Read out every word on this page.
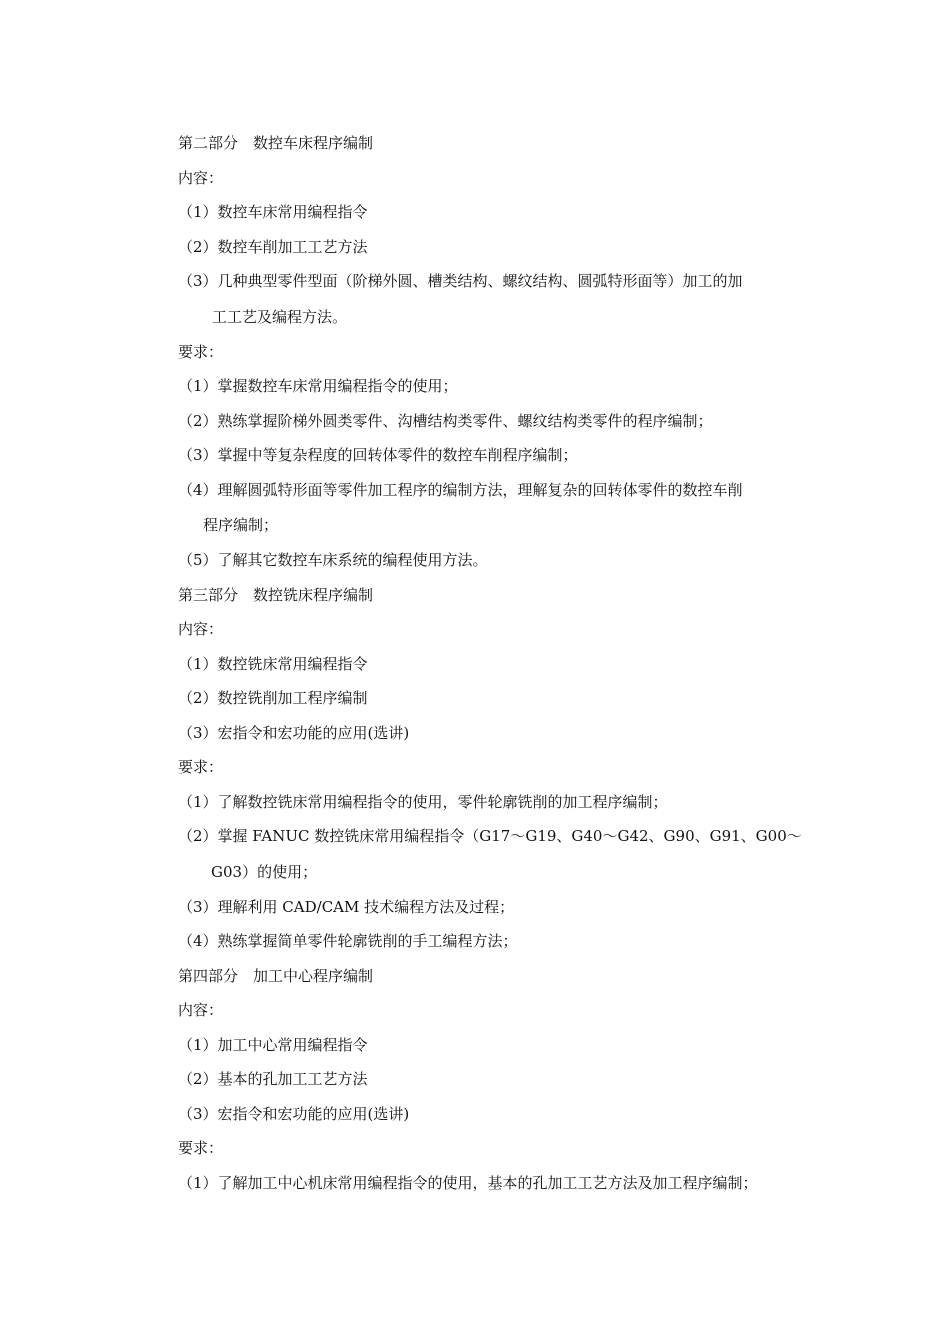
第二部分　数控车床程序编制
内容：
（1）数控车床常用编程指令
（2）数控车削加工工艺方法
（3）几种典型零件型面（阶梯外圆、槽类结构、螺纹结构、圆弧特形面等）加工的加
工工艺及编程方法。
要求：
（1）掌握数控车床常用编程指令的使用；
（2）熟练掌握阶梯外圆类零件、沟槽结构类零件、螺纹结构类零件的程序编制；
（3）掌握中等复杂程度的回转体零件的数控车削程序编制；
（4）理解圆弧特形面等零件加工程序的编制方法，理解复杂的回转体零件的数控车削
程序编制；
（5）了解其它数控车床系统的编程使用方法。
第三部分　数控铣床程序编制
内容：
（1）数控铣床常用编程指令
（2）数控铣削加工程序编制
（3）宏指令和宏功能的应用(选讲)
要求：
（1）了解数控铣床常用编程指令的使用，零件轮廓铣削的加工程序编制；
（2）掌握 FANUC 数控铣床常用编程指令（G17～G19、G40～G42、G90、G91、G00～
G03）的使用；
（3）理解利用 CAD/CAM 技术编程方法及过程；
（4）熟练掌握简单零件轮廓铣削的手工编程方法；
第四部分　加工中心程序编制
内容：
（1）加工中心常用编程指令
（2）基本的孔加工工艺方法
（3）宏指令和宏功能的应用(选讲)
要求：
（1）了解加工中心机床常用编程指令的使用，基本的孔加工工艺方法及加工程序编制；
